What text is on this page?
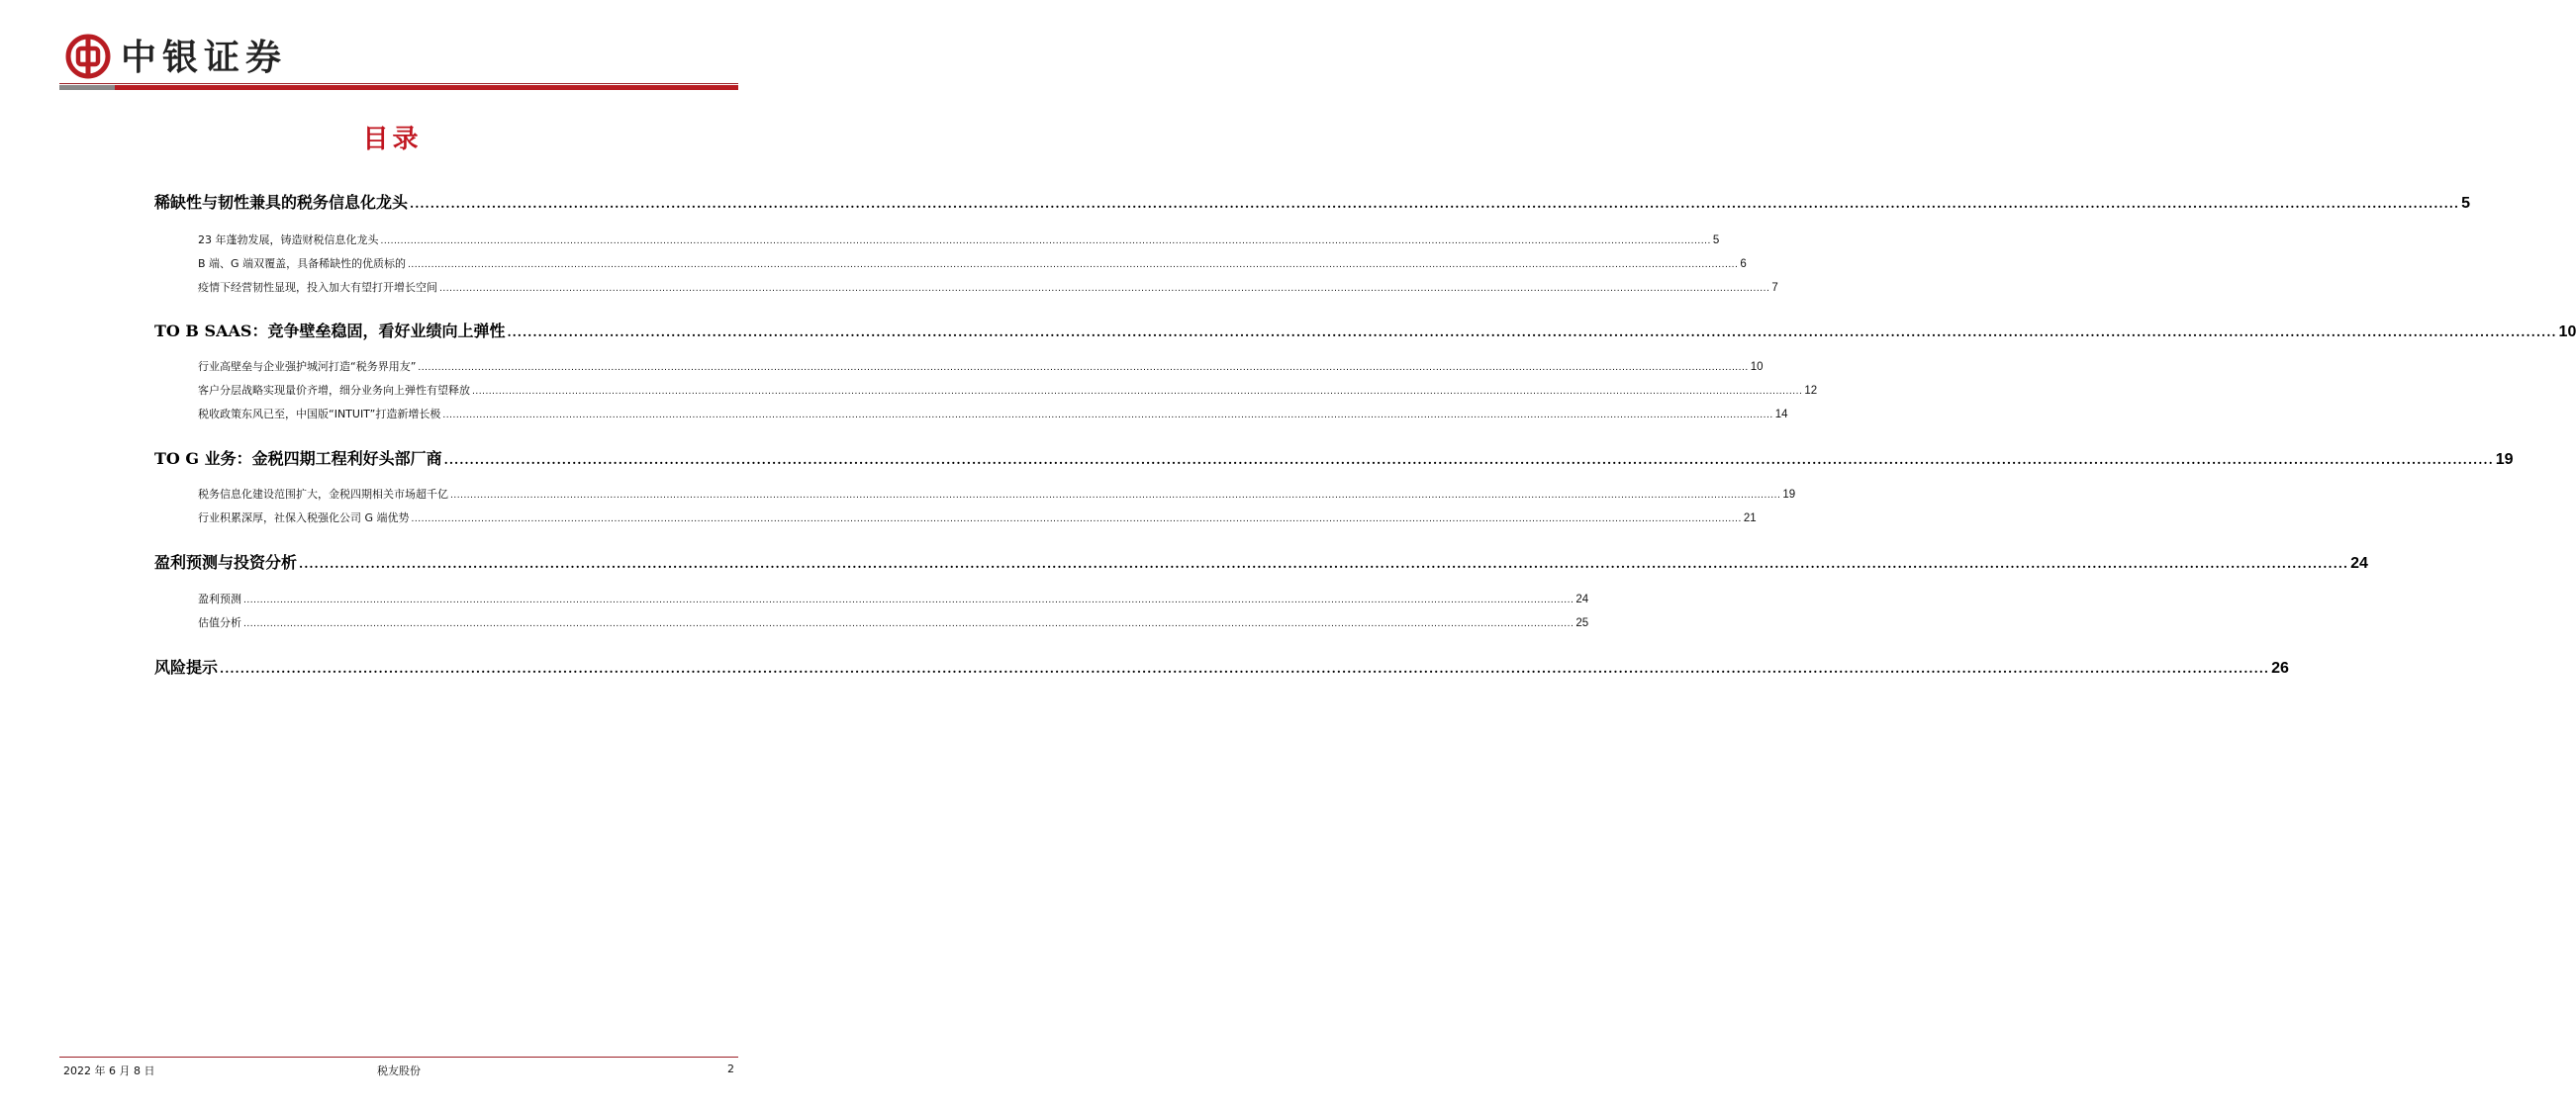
中银证券
目录
稀缺性与韧性兼具的税务信息化龙头 ................................................................................................................................................................................................................................................................................................................................................................................................................ 5
23 年蓬勃发展，铸造财税信息化龙头 ................................................................................................................................................................................................................................................................................................................................................................................................................ 5
B 端、G 端双覆盖，具备稀缺性的优质标的 ................................................................................................................................................................................................................................................................................................................................................................................................................ 6
疫情下经营韧性显现，投入加大有望打开增长空间 ................................................................................................................................................................................................................................................................................................................................................................................................................ 7
TO B SAAS：竞争壁垒稳固，看好业绩向上弹性 ................................................................................................................................................................................................................................................................................................................................................................................................................ 10
行业高壁垒与企业强护城河打造“税务界用友” ................................................................................................................................................................................................................................................................................................................................................................................................................ 10
客户分层战略实现量价齐增，细分业务向上弹性有望释放 ................................................................................................................................................................................................................................................................................................................................................................................................................ 12
税收政策东风已至，中国版“INTUIT”打造新增长极 ................................................................................................................................................................................................................................................................................................................................................................................................................ 14
TO G 业务：金税四期工程利好头部厂商 ................................................................................................................................................................................................................................................................................................................................................................................................................ 19
税务信息化建设范围扩大，金税四期相关市场超千亿 ................................................................................................................................................................................................................................................................................................................................................................................................................ 19
行业积累深厚，社保入税强化公司 G 端优势 ................................................................................................................................................................................................................................................................................................................................................................................................................ 21
盈利预测与投资分析 ................................................................................................................................................................................................................................................................................................................................................................................................................ 24
盈利预测 ................................................................................................................................................................................................................................................................................................................................................................................................................ 24
估值分析 ................................................................................................................................................................................................................................................................................................................................................................................................................ 25
风险提示 ................................................................................................................................................................................................................................................................................................................................................................................................................ 26
2022 年 6 月 8 日	税友股份	2
